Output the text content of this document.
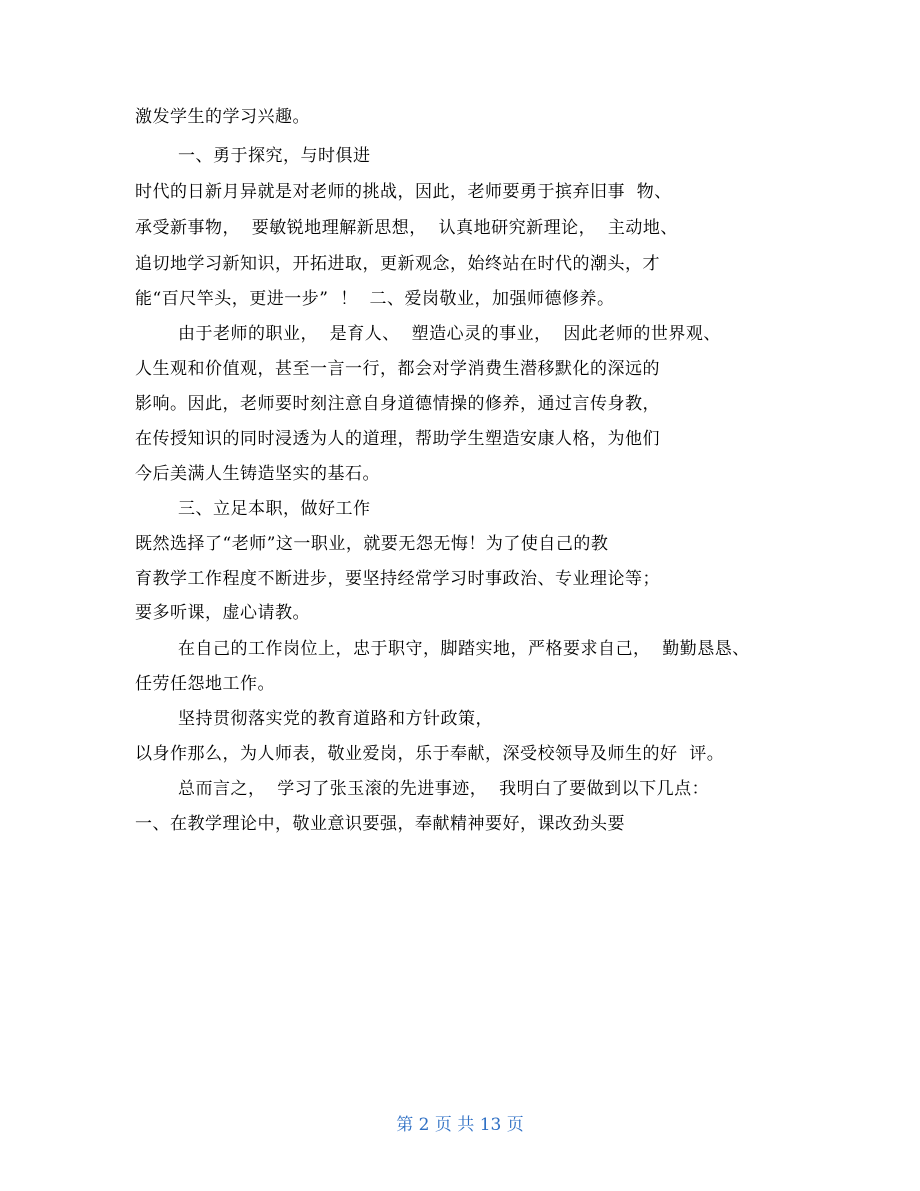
激发学生的学习兴趣。
一、勇于探究，与时俱进
时代的日新月异就是对老师的挑战，因此，老师要勇于摈弃旧事  物、
承受新事物，  要敏锐地理解新思想，  认真地研究新理论，  主动地、
追切地学习新知识，开拓进取，更新观念，始终站在时代的潮头，才
能“百尺竿头，更进一步”  ！  二、爱岗敬业，加强师德修养。
由于老师的职业，  是育人、  塑造心灵的事业，  因此老师的世界观、
人生观和价值观，甚至一言一行，都会对学消费生潜移默化的深远的
影响。因此，老师要时刻注意自身道德情操的修养，通过言传身教，
在传授知识的同时浸透为人的道理，帮助学生塑造安康人格，为他们
今后美满人生铸造坚实的基石。
三、立足本职，做好工作
既然选择了“老师”这一职业，就要无怨无悔！为了使自己的教
育教学工作程度不断进步，要坚持经常学习时事政治、专业理论等；
要多听课，虚心请教。
在自己的工作岗位上，忠于职守，脚踏实地，严格要求自己，  勤勤恳恳、
任劳任怨地工作。
坚持贯彻落实党的教育道路和方针政策，
以身作那么，为人师表，敬业爱岗，乐于奉献，深受校领导及师生的好  评。
总而言之，  学习了张玉滚的先进事迹，  我明白了要做到以下几点：
一、在教学理论中，敬业意识要强，奉献精神要好，课改劲头要
第 2 页 共 13 页
